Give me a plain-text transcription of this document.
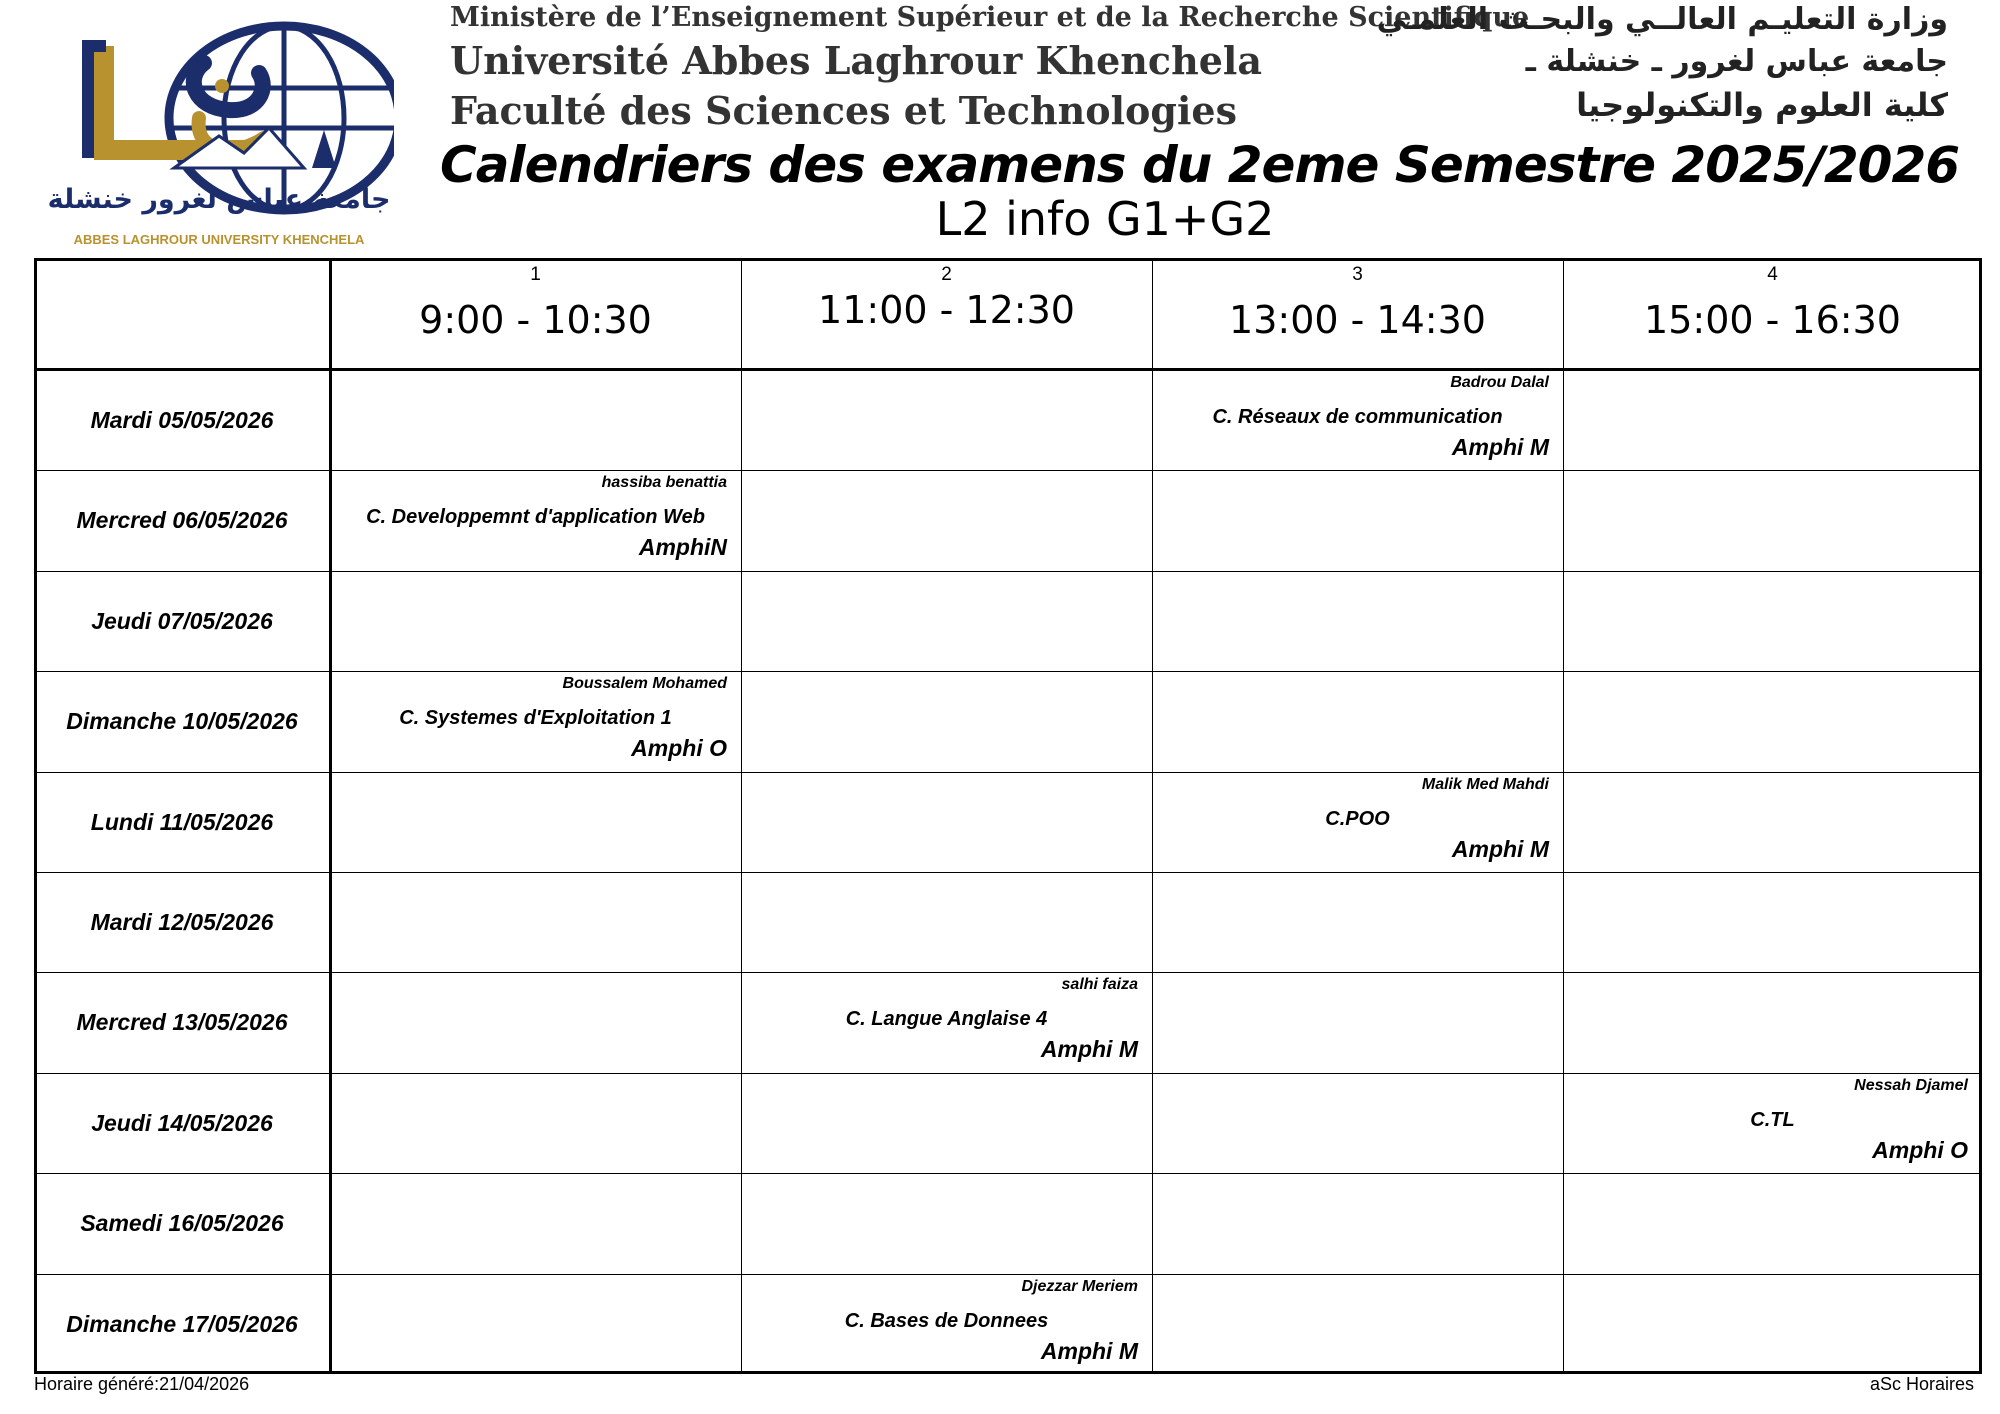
جامعة عباس لغرور خنشلة
ABBES LAGHROUR UNIVERSITY KHENCHELA
Ministère de l’Enseignement Supérieur et de la Recherche Scientifique
Université Abbes Laghrour Khenchela
Faculté des Sciences et Technologies
وزارة التعليـم العالــي والبحـث العلمـي
جامعة عباس لغرور ـ خنشلة ـ
كلية العلوم والتكنولوجيا
Calendriers des examens du 2eme Semestre 2025/2026
L2 info G1+G2
1
9:00 - 10:30
2
11:00 - 12:30
3
13:00 - 14:30
4
15:00 - 16:30
Mardi 05/05/2026
Mercred 06/05/2026
Jeudi 07/05/2026
Dimanche 10/05/2026
Lundi 11/05/2026
Mardi 12/05/2026
Mercred 13/05/2026
Jeudi 14/05/2026
Samedi 16/05/2026
Dimanche 17/05/2026
Badrou Dalal
C. Réseaux de communication
Amphi M
hassiba benattia
C. Developpemnt d'application Web
AmphiN
Boussalem Mohamed
C. Systemes d'Exploitation 1
Amphi O
Malik Med Mahdi
C.POO
Amphi M
salhi faiza
C. Langue Anglaise 4
Amphi M
Nessah Djamel
C.TL
Amphi O
Djezzar Meriem
C. Bases de Donnees
Amphi M
Horaire généré:21/04/2026	aSc Horaires
